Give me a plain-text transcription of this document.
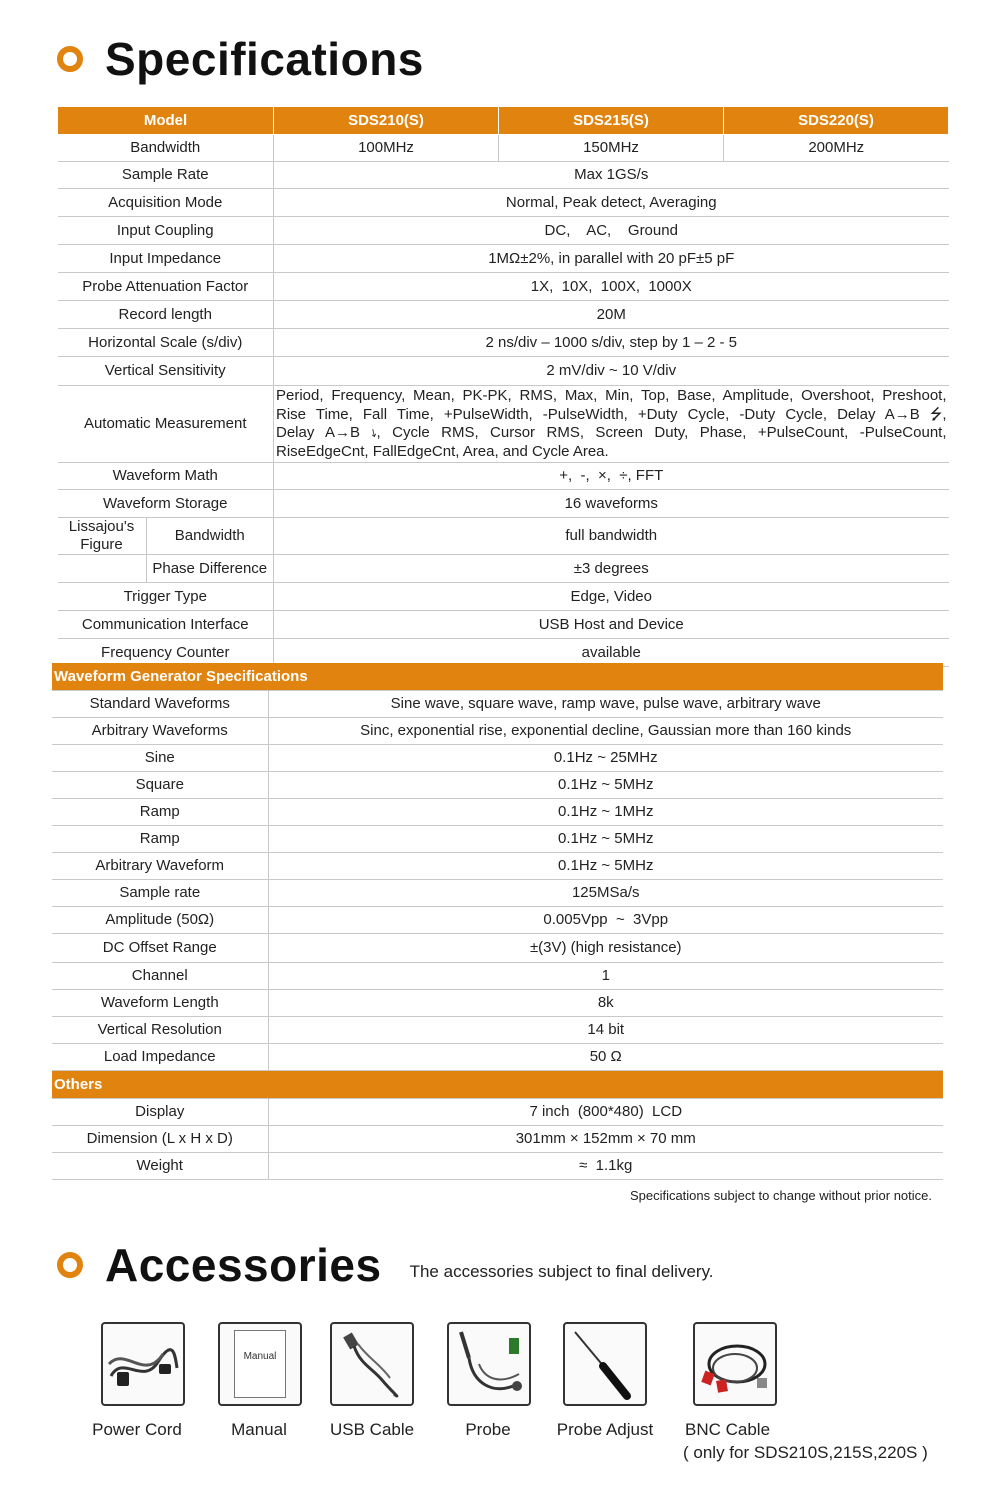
Specifications
Model	SDS210(S)	SDS215(S)	SDS220(S)
Bandwidth	100MHz	150MHz	200MHz
Sample Rate	Max 1GS/s		
Acquisition Mode	Normal, Peak detect, Averaging		
Input Coupling	DC,    AC,    Ground		
Input Impedance	1MΩ±2%, in parallel with 20 pF±5 pF		
Probe Attenuation Factor	1X,  10X,  100X,  1000X		
Record length	20M		
Horizontal Scale (s/div)	2 ns/div – 1000 s/div, step by 1 – 2 - 5		
Vertical Sensitivity	2 mV/div ~ 10 V/div		
Automatic Measurement	Period, Frequency, Mean, PK-PK, RMS, Max, Min, Top, Base, Amplitude, Overshoot, Preshoot,
Rise Time, Fall Time, +PulseWidth, -PulseWidth, +Duty Cycle, -Duty Cycle, Delay A→B ⭍,
Delay A→B ⭏, Cycle RMS, Cursor RMS, Screen Duty, Phase, +PulseCount, -PulseCount,
RiseEdgeCnt, FallEdgeCnt, Area, and Cycle Area.		

Waveform Math	+,  -,  ×,  ÷, FFT		
Waveform Storage	16 waveforms		

Lissajou's Figure
Bandwidth	full bandwidth		

Phase Difference	±3 degrees		
Trigger Type	Edge, Video		
Communication Interface	USB Host and Device		
Frequency Counter	available		
Waveform Generator Specifications	
Standard Waveforms	Sine wave, square wave, ramp wave, pulse wave, arbitrary wave
Arbitrary Waveforms	Sinc, exponential rise, exponential decline, Gaussian more than 160 kinds
Sine	0.1Hz ~ 25MHz
Square	0.1Hz ~ 5MHz
Ramp	0.1Hz ~ 1MHz
Ramp	0.1Hz ~ 5MHz
Arbitrary Waveform	0.1Hz ~ 5MHz
Sample rate	125MSa/s
Amplitude (50Ω)	0.005Vpp  ~  3Vpp
DC Offset Range	±(3V) (high resistance)
Channel	1
Waveform Length	8k
Vertical Resolution	14 bit
Load Impedance	50 Ω
Others	
Display	7 inch  (800*480)  LCD
Dimension (L x H x D)	301mm × 152mm × 70 mm
Weight	≈  1.1kg
Specifications subject to change without prior notice.
Accessories The accessories subject to final delivery.
Power Cord
Manual
Manual	USB Cable	Probe	Probe Adjust BNC Cable
( only for SDS210S,215S,220S )
